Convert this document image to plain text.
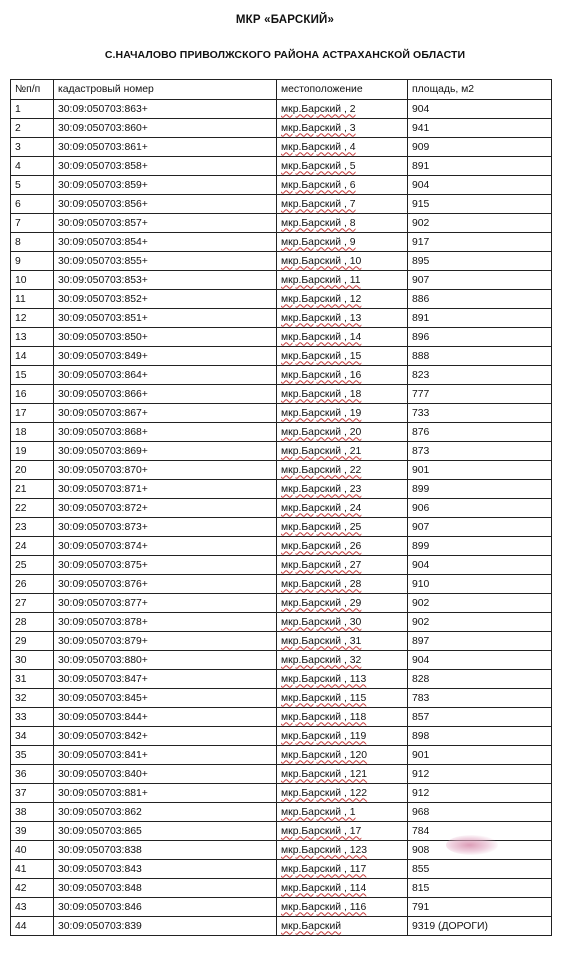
МКР «БАРСКИЙ»
С.НАЧАЛОВО ПРИВОЛЖСКОГО РАЙОНА АСТРАХАНСКОЙ ОБЛАСТИ
№п/п	кадастровый номер	местоположение	площадь, м2
1	30:09:050703:863+	мкр.Барский , 2	904
2	30:09:050703:860+	мкр.Барский , 3	941
3	30:09:050703:861+	мкр.Барский , 4	909
4	30:09:050703:858+	мкр.Барский , 5	891
5	30:09:050703:859+	мкр.Барский , 6	904
6	30:09:050703:856+	мкр.Барский , 7	915
7	30:09:050703:857+	мкр.Барский , 8	902
8	30:09:050703:854+	мкр.Барский , 9	917
9	30:09:050703:855+	мкр.Барский , 10	895
10	30:09:050703:853+	мкр.Барский , 11	907
11	30:09:050703:852+	мкр.Барский , 12	886
12	30:09:050703:851+	мкр.Барский , 13	891
13	30:09:050703:850+	мкр.Барский , 14	896
14	30:09:050703:849+	мкр.Барский , 15	888
15	30:09:050703:864+	мкр.Барский , 16	823
16	30:09:050703:866+	мкр.Барский , 18	777
17	30:09:050703:867+	мкр.Барский , 19	733
18	30:09:050703:868+	мкр.Барский , 20	876
19	30:09:050703:869+	мкр.Барский , 21	873
20	30:09:050703:870+	мкр.Барский , 22	901
21	30:09:050703:871+	мкр.Барский , 23	899
22	30:09:050703:872+	мкр.Барский , 24	906
23	30:09:050703:873+	мкр.Барский , 25	907
24	30:09:050703:874+	мкр.Барский , 26	899
25	30:09:050703:875+	мкр.Барский , 27	904
26	30:09:050703:876+	мкр.Барский , 28	910
27	30:09:050703:877+	мкр.Барский , 29	902
28	30:09:050703:878+	мкр.Барский , 30	902
29	30:09:050703:879+	мкр.Барский , 31	897
30	30:09:050703:880+	мкр.Барский , 32	904
31	30:09:050703:847+	мкр.Барский , 113	828
32	30:09:050703:845+	мкр.Барский , 115	783
33	30:09:050703:844+	мкр.Барский , 118	857
34	30:09:050703:842+	мкр.Барский , 119	898
35	30:09:050703:841+	мкр.Барский , 120	901
36	30:09:050703:840+	мкр.Барский , 121	912
37	30:09:050703:881+	мкр.Барский , 122	912
38	30:09:050703:862	мкр.Барский , 1	968
39	30:09:050703:865	мкр.Барский , 17	784
40	30:09:050703:838	мкр.Барский , 123	908
41	30:09:050703:843	мкр.Барский , 117	855
42	30:09:050703:848	мкр.Барский , 114	815
43	30:09:050703:846	мкр.Барский , 116	791
44	30:09:050703:839	мкр.Барский	9319 (ДОРОГИ)
